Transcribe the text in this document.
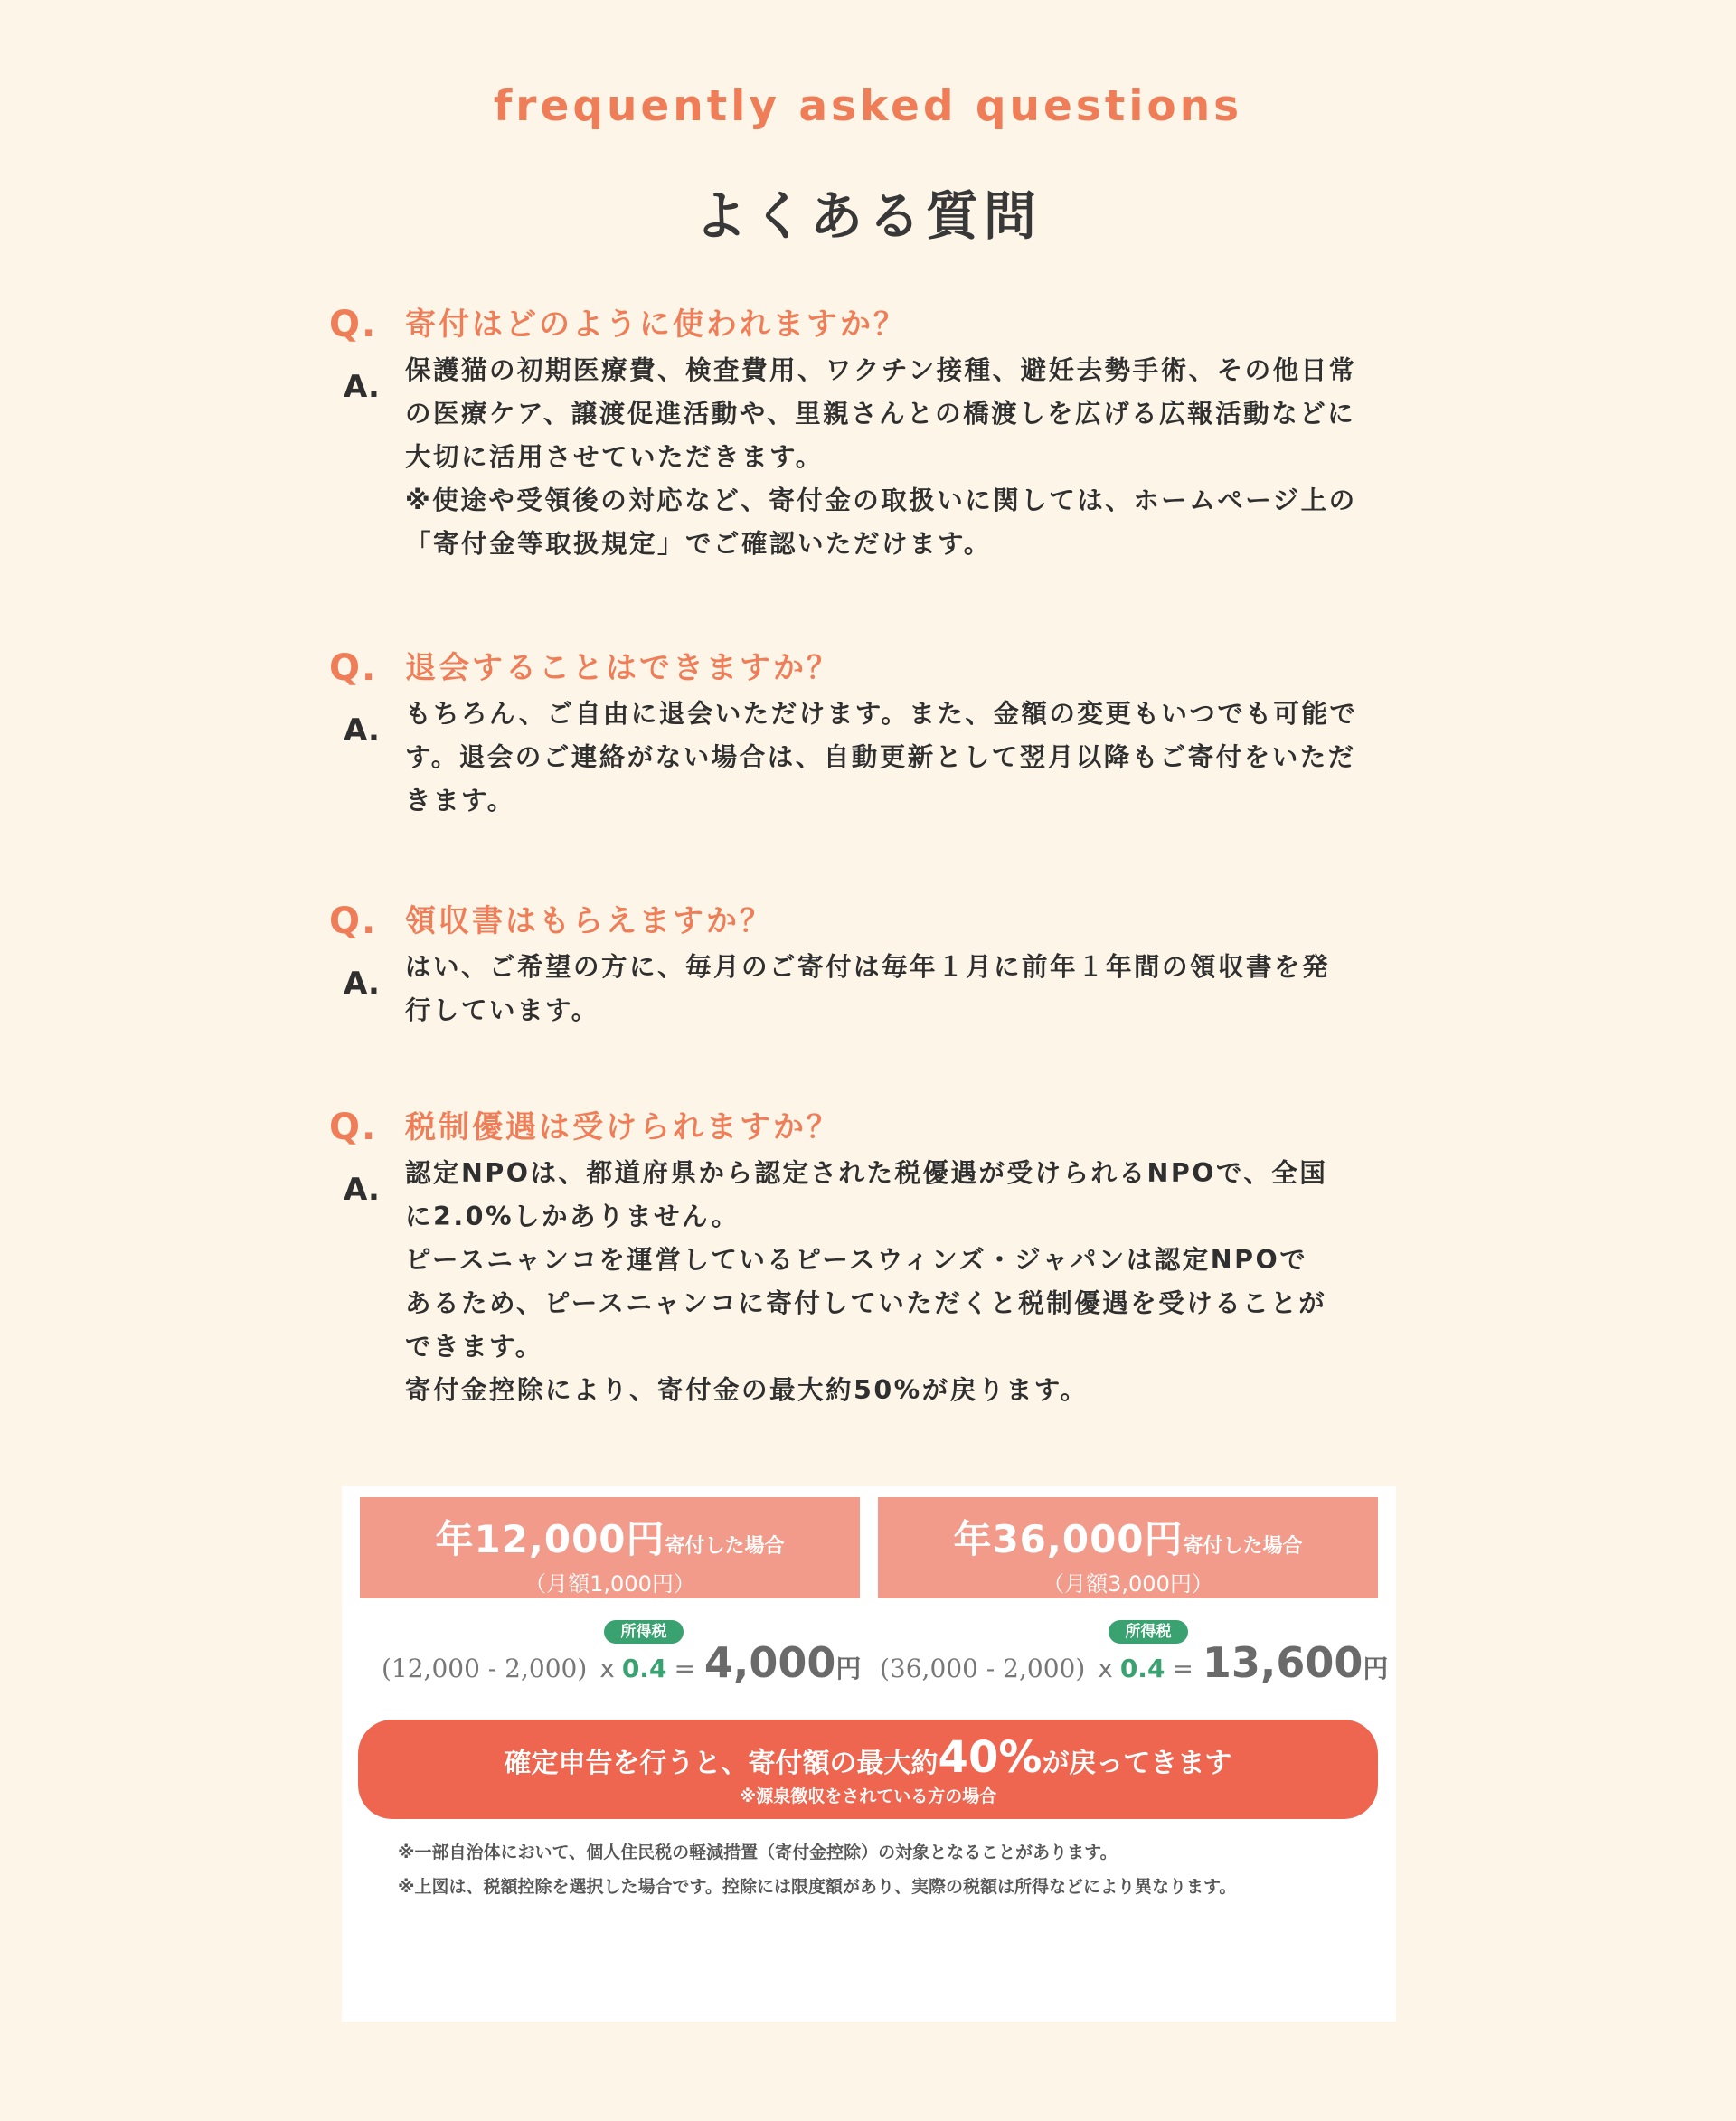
frequently asked questions
よくある質問
Q. 寄付はどのように使われますか？
A. 保護猫の初期医療費、検査費用、ワクチン接種、避妊去勢手術、その他日常
の医療ケア、譲渡促進活動や、里親さんとの橋渡しを広げる広報活動などに
大切に活用させていただきます。
※使途や受領後の対応など、寄付金の取扱いに関しては、ホームページ上の
「寄付金等取扱規定」でご確認いただけます。
Q. 退会することはできますか？
A. もちろん、ご自由に退会いただけます。また、金額の変更もいつでも可能で
す。退会のご連絡がない場合は、自動更新として翌月以降もご寄付をいただ
きます。
Q. 領収書はもらえますか？
A. はい、ご希望の方に、毎月のご寄付は毎年１月に前年１年間の領収書を発
行しています。
Q. 税制優遇は受けられますか？
A. 認定NPOは、都道府県から認定された税優遇が受けられるNPOで、全国
に2.0%しかありません。
ピースニャンコを運営しているピースウィンズ・ジャパンは認定NPOで
あるため、ピースニャンコに寄付していただくと税制優遇を受けることが
できます。
寄付金控除により、寄付金の最大約50%が戻ります。
年12,000円寄付した場合
（月額1,000円）
年36,000円寄付した場合
（月額3,000円）
所得税
(12,000 - 2,000) x 0.4 = 4,000 円
所得税
(36,000 - 2,000) x 0.4 = 13,600 円
確定申告を行うと、寄付額の最大約40%が戻ってきます
※源泉徴収をされている方の場合
※一部自治体において、個人住民税の軽減措置（寄付金控除）の対象となることがあります。
※上図は、税額控除を選択した場合です。控除には限度額があり、実際の税額は所得などにより異なります。
